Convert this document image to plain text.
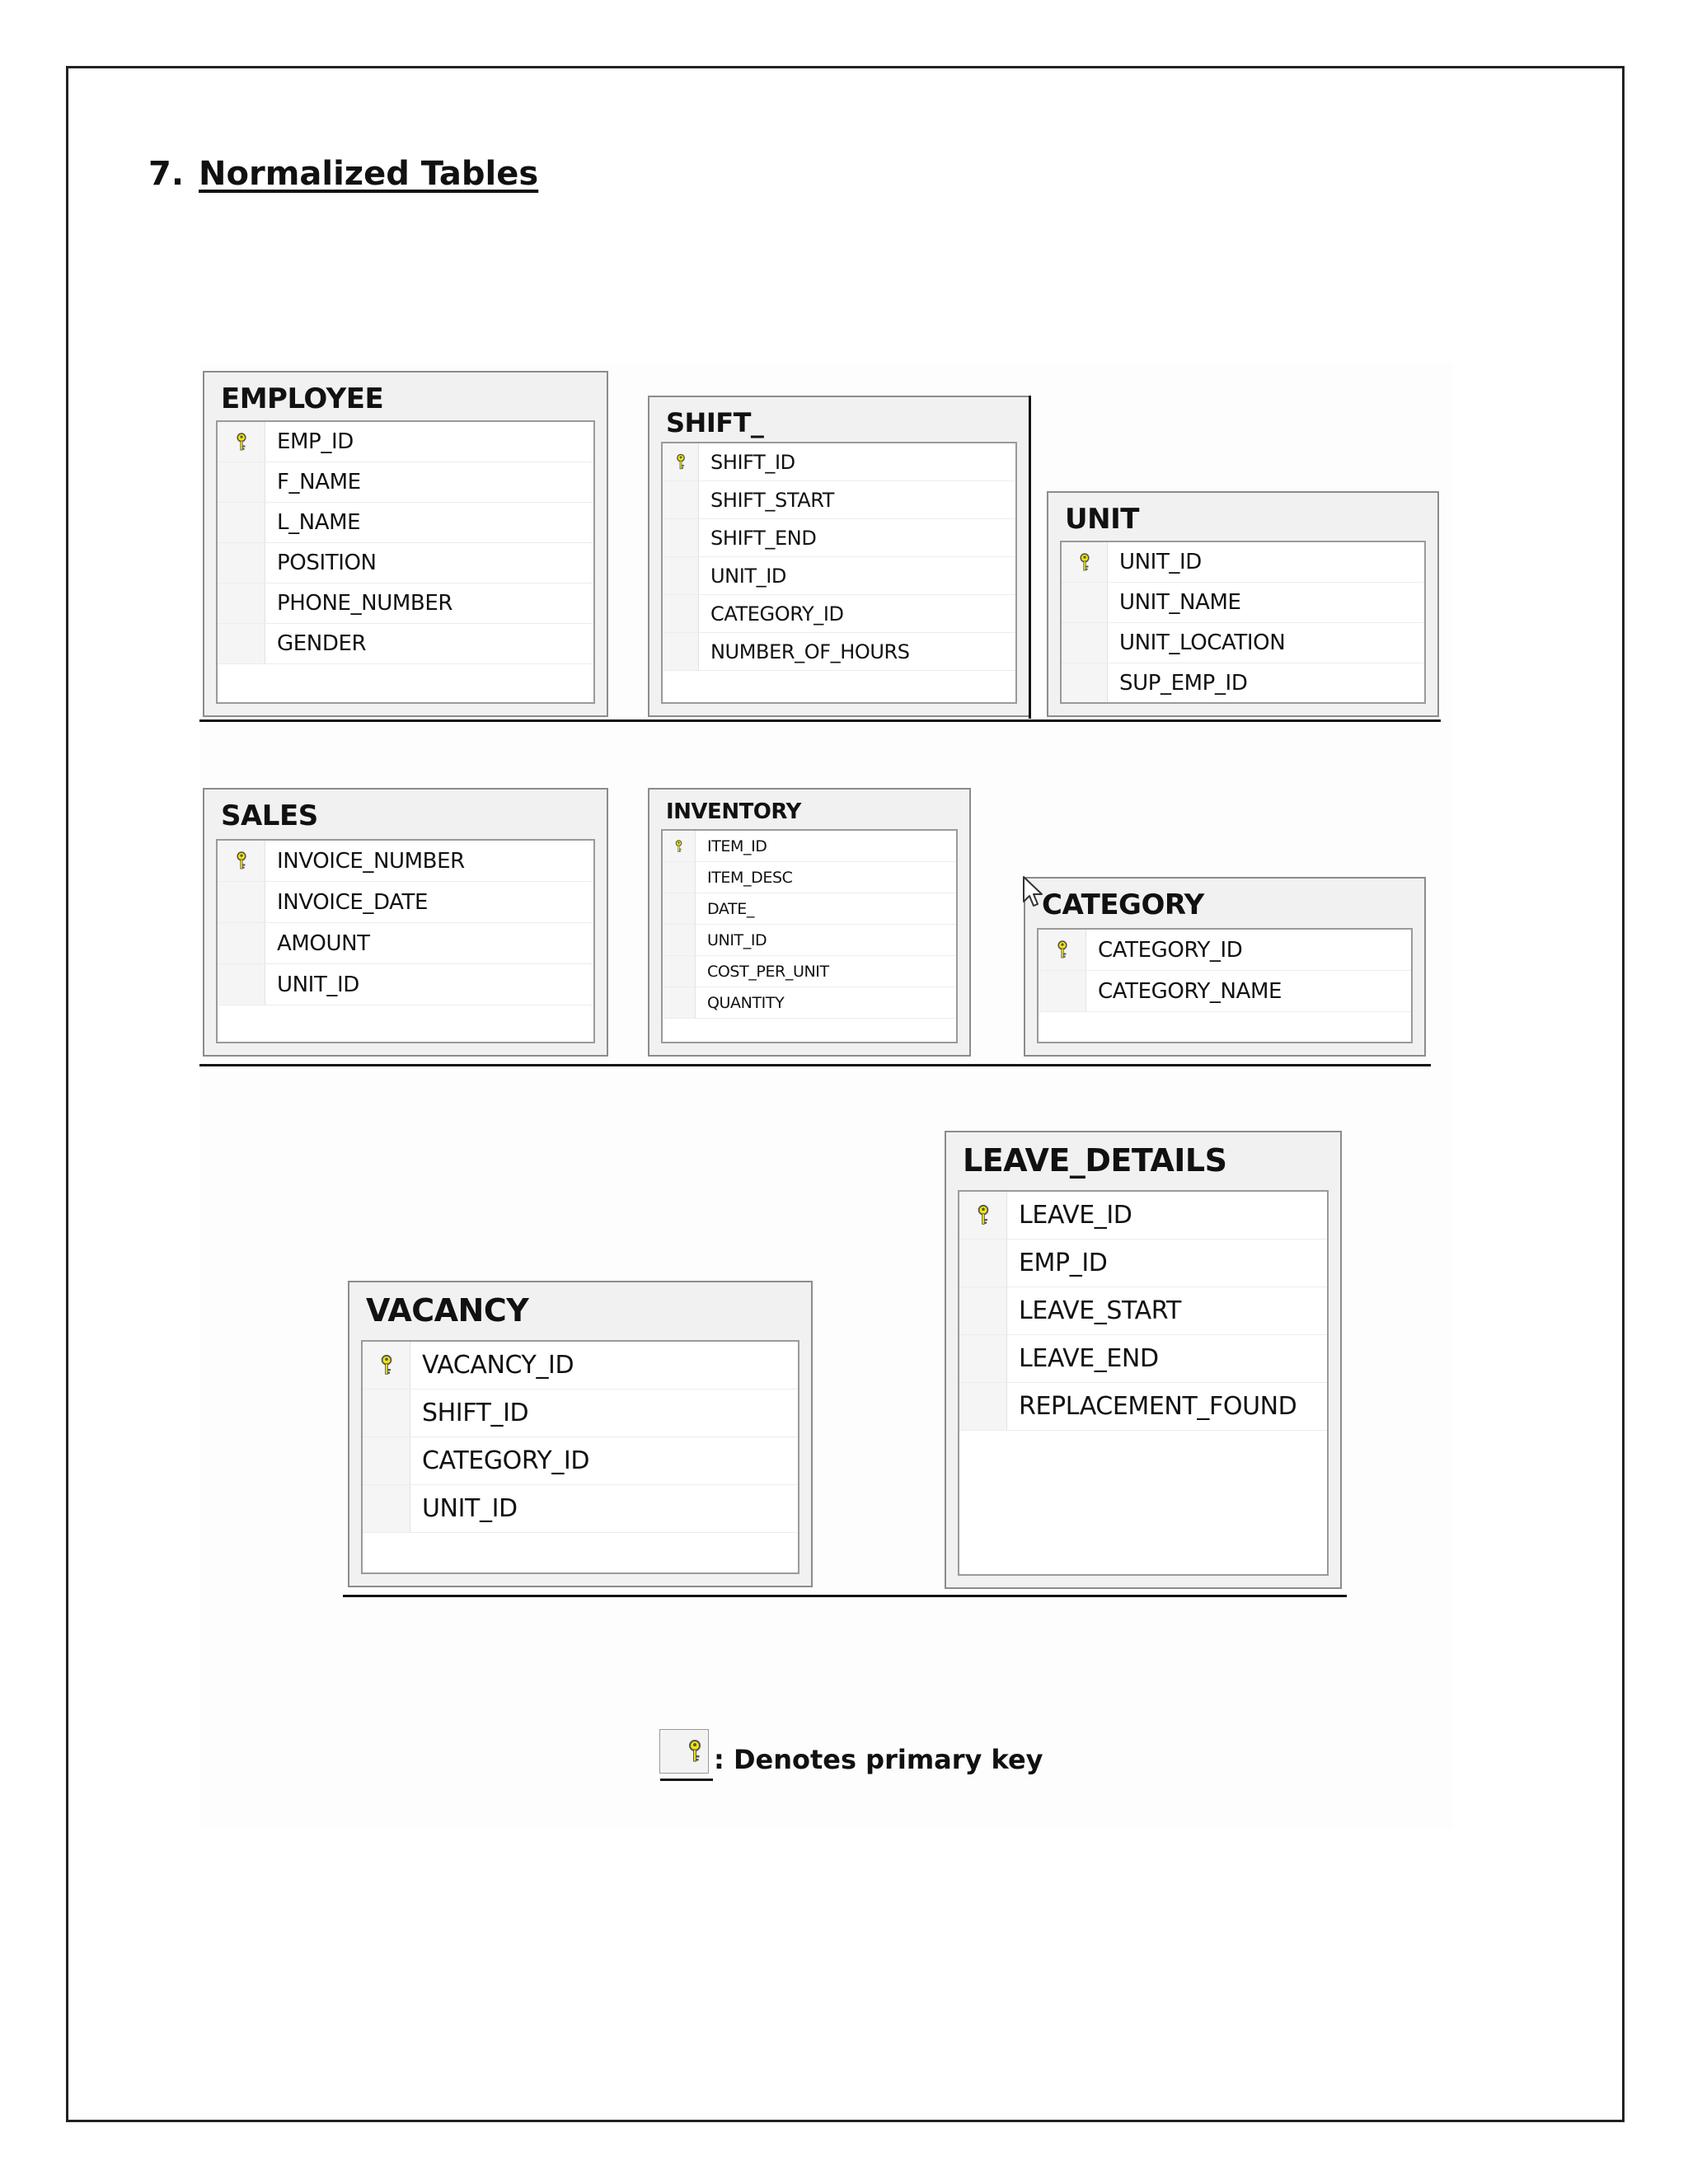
7. Normalized Tables
EMPLOYEE
EMP_ID
F_NAME
L_NAME
POSITION
PHONE_NUMBER
GENDER
SHIFT_
SHIFT_ID
SHIFT_START
SHIFT_END
UNIT_ID
CATEGORY_ID
NUMBER_OF_HOURS
UNIT
UNIT_ID
UNIT_NAME
UNIT_LOCATION
SUP_EMP_ID
SALES
INVOICE_NUMBER
INVOICE_DATE
AMOUNT
UNIT_ID
INVENTORY
ITEM_ID
ITEM_DESC
DATE_
UNIT_ID
COST_PER_UNIT
QUANTITY
CATEGORY
CATEGORY_ID
CATEGORY_NAME
LEAVE_DETAILS
LEAVE_ID
EMP_ID
LEAVE_START
LEAVE_END
REPLACEMENT_FOUND
VACANCY
VACANCY_ID
SHIFT_ID
CATEGORY_ID
UNIT_ID
: Denotes primary key
